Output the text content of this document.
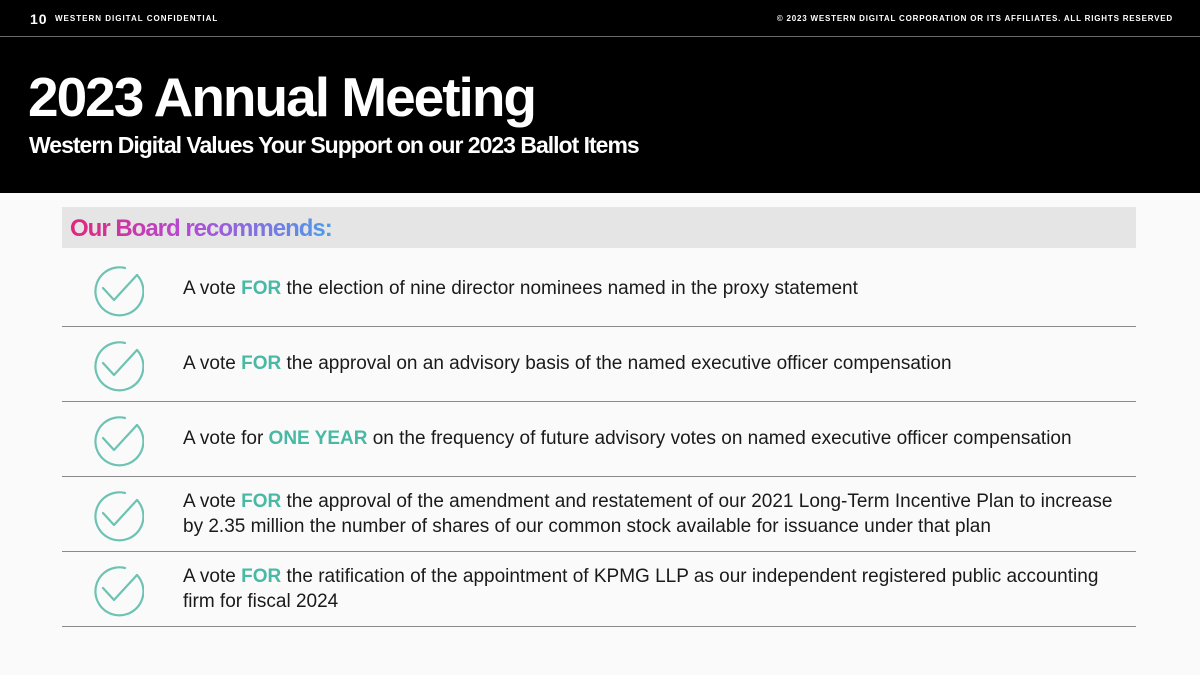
10 WESTERN DIGITAL CONFIDENTIAL	© 2023 WESTERN DIGITAL CORPORATION OR ITS AFFILIATES. ALL RIGHTS RESERVED
2023 Annual Meeting
Western Digital Values Your Support on our 2023 Ballot Items
Our Board recommends:

A vote FOR the election of nine director nominees named in the proxy statement

A vote FOR the approval on an advisory basis of the named executive officer compensation

A vote for ONE YEAR on the frequency of future advisory votes on named executive officer compensation

A vote FOR the approval of the amendment and restatement of our 2021 Long-Term Incentive Plan to increase by 2.35 million the number of shares of our common stock available for issuance under that plan

A vote FOR the ratification of the appointment of KPMG LLP as our independent registered public accounting firm for fiscal 2024
